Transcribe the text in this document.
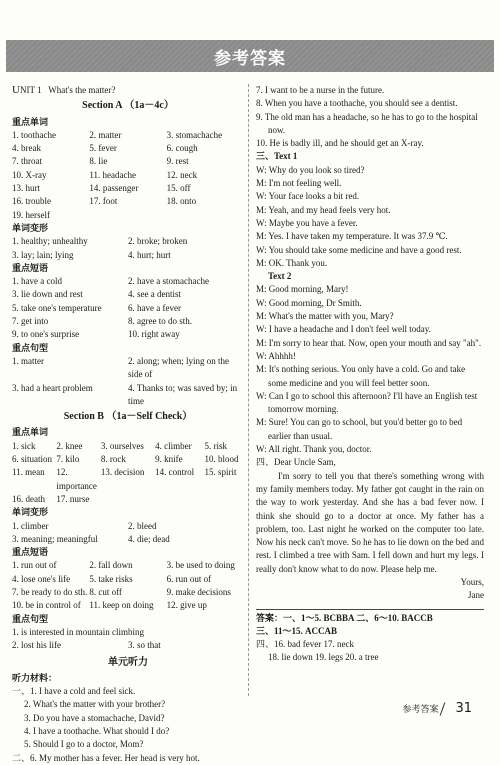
参考答案
UNIT 1 What's the matter?
Section A （1a－4c）
重点单词
1. toothache	2. matter	3. stomachache
4. break	5. fever	6. cough
7. throat	8. lie	9. rest
10. X-ray	11. headache	12. neck
13. hurt	14. passenger	15. off
16. trouble	17. foot	18. onto
19. herself
单词变形
1. healthy; unhealthy	2. broke; broken
3. lay; lain; lying	4. hurt; hurt
重点短语
1. have a cold	2. have a stomachache
3. lie down and rest	4. see a dentist
5. take one's temperature	6. have a fever
7. get into	8. agree to do sth.
9. to one's surprise	10. right away
重点句型
1. matter	2. along; when; lying on the side of
3. had a heart problem	4. Thanks to; was saved by; in time
Section B （1a－Self Check）
重点单词
1. sick	2. knee	3. ourselves	4. climber	5. risk
6. situation 7. kilo	8. rock	9. knife	10. blood
11. mean	12. importance
13. decision	14. control	15. spirit
16. death	17. nurse
单词变形
1. climber	2. bleed
3. meaning; meaningful	4. die; dead
重点短语
1. run out of	2. fall down	3. be used to doing
4. lose one's life	5. take risks	6. run out of
7. be ready to do sth. 8. cut off	9. make decisions
10. be in control of 11. keep on doing	12. give up
重点句型
1. is interested in mountain climbing
2. lost his life	3. so that
单元听力
听力材料：
一、1. I have a cold and feel sick.
2. What's the matter with your brother?
3. Do you have a stomachache, David?
4. I have a toothache. What should I do?
5. Should I go to a doctor, Mom?
二、6. My mother has a fever. Her head is very hot.
7. I want to be a nurse in the future.
8. When you have a toothache, you should see a dentist.
9. The old man has a headache, so he has to go to the hospital now.
10. He is badly ill, and he should get an X-ray.
三、Text 1
W: Why do you look so tired?
M: I'm not feeling well.
W: Your face looks a bit red.
M: Yeah, and my head feels very hot.
W: Maybe you have a fever.
M: Yes. I have taken my temperature. It was 37.9 ℃.
W: You should take some medicine and have a good rest.
M: OK. Thank you.
Text 2
M: Good morning, Mary!
W: Good morning, Dr Smith.
M: What's the matter with you, Mary?
W: I have a headache and I don't feel well today.
M: I'm sorry to hear that. Now, open your mouth and say "ah".
W: Ahhhh!
M: It's nothing serious. You only have a cold. Go and take some medicine and you will feel better soon.
W: Can I go to school this afternoon? I'll have an English test tomorrow morning.
M: Sure! You can go to school, but you'd better go to bed earlier than usual.
W: All right. Thank you, doctor.
四、Dear Uncle Sam,
I'm sorry to tell you that there's something wrong with my family members today. My father got caught in the rain on the way to work yesterday. And she has a bad fever now. I think she should go to a doctor at once. My father has a problem, too. Last night he worked on the computer too late. Now his neck can't move. So he has to lie down on the bed and rest. I climbed a tree with Sam. I fell down and hurt my legs. I really don't know what to do now. Please help me.
Yours,
Jane
答案：一、1～5. BCBBA 二、6～10. BACCB
三、11～15. ACCAB
四、16. bad fever 17. neck
18. lie down 19. legs 20. a tree
参考答案 31
